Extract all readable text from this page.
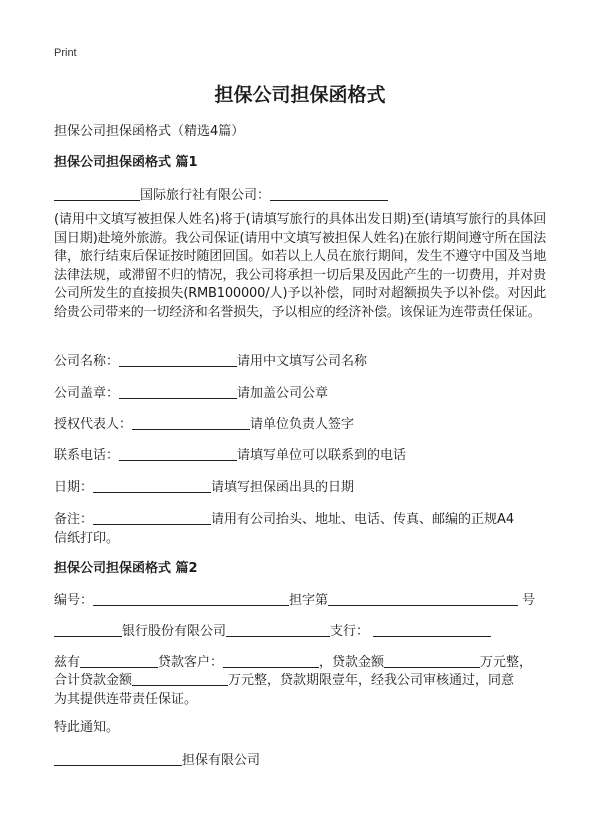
Print
担保公司担保函格式
担保公司担保函格式（精选4篇）
担保公司担保函格式 篇1
国际旅行社有限公司：
(请用中文填写被担保人姓名)将于(请填写旅行的具体出发日期)至(请填写旅行的具体回国日期)赴境外旅游。我公司保证(请用中文填写被担保人姓名)在旅行期间遵守所在国法律，旅行结束后保证按时随团回国。如若以上人员在旅行期间，发生不遵守中国及当地法律法规，或滞留不归的情况，我公司将承担一切后果及因此产生的一切费用，并对贵公司所发生的直接损失(RMB100000/人)予以补偿，同时对超额损失予以补偿。对因此给贵公司带来的一切经济和名誉损失，予以相应的经济补偿。该保证为连带责任保证。
公司名称：	请用中文填写公司名称
公司盖章：	请加盖公司公章
授权代表人：	请单位负责人签字
联系电话：	请填写单位可以联系到的电话
日期：	请填写担保函出具的日期
备注：	请用有公司抬头、地址、电话、传真、邮编的正规A4
信纸打印。
担保公司担保函格式 篇2
编号：	担字第	号
银行股份有限公司	支行：
兹有	贷款客户：	，贷款金额	万元整，
合计贷款金额	万元整，贷款期限壹年，经我公司审核通过，同意
为其提供连带责任保证。
特此通知。
担保有限公司
